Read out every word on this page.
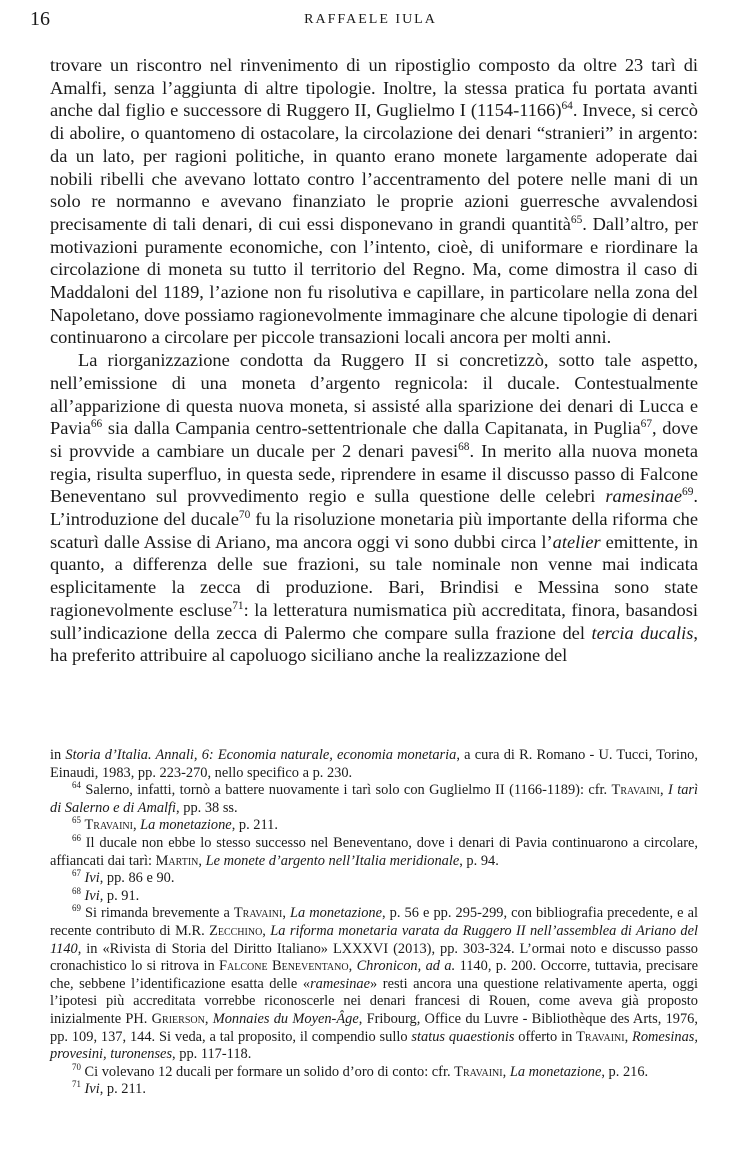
16	RAFFAELE IULA

trovare un riscontro nel rinvenimento di un ripostiglio composto da oltre 23 tarì di Amalfi, senza l’aggiunta di altre tipologie. Inoltre, la stessa pratica fu portata avanti anche dal figlio e successore di Ruggero II, Guglielmo I (1154-1166)$^{64}$. Invece, si cercò di abolire, o quantomeno di ostacolare, la circolazione dei denari “stranieri” in argento: da un lato, per ragioni politiche, in quanto erano monete largamente adoperate dai nobili ribelli che avevano lottato contro l’accentramento del potere nelle mani di un solo re normanno e avevano finanziato le proprie azioni guerresche avvalendosi precisamente di tali denari, di cui essi disponevano in grandi quantità$^{65}$. Dall’altro, per motivazioni puramente economiche, con l’intento, cioè, di uniformare e riordinare la circolazione di moneta su tutto il territorio del Regno. Ma, come dimostra il caso di Maddaloni del 1189, l’azione non fu risolutiva e capillare, in particolare nella zona del Napoletano, dove possiamo ragionevolmente immaginare che alcune tipologie di denari continuarono a circolare per piccole transazioni locali ancora per molti anni.

La riorganizzazione condotta da Ruggero II si concretizzò, sotto tale aspetto, nell’emissione di una moneta d’argento regnicola: il ducale. Contestualmente all’apparizione di questa nuova moneta, si assisté alla sparizione dei denari di Lucca e Pavia$^{66}$ sia dalla Campania centro-settentrionale che dalla Capitanata, in Puglia$^{67}$, dove si provvide a cambiare un ducale per 2 denari pavesi$^{68}$. In merito alla nuova moneta regia, risulta superfluo, in questa sede, riprendere in esame il discusso passo di Falcone Beneventano sul provvedimento regio e sulla questione delle celebri ramesinae$^{69}$. L’introduzione del ducale$^{70}$ fu la risoluzione monetaria più importante della riforma che scaturì dalle Assise di Ariano, ma ancora oggi vi sono dubbi circa l’atelier emittente, in quanto, a differenza delle sue frazioni, su tale nominale non venne mai indicata esplicitamente la zecca di produzione. Bari, Brindisi e Messina sono state ragionevolmente escluse$^{71}$: la letteratura numismatica più accreditata, finora, basandosi sull’indicazione della zecca di Palermo che compare sulla frazione del tercia ducalis, ha preferito attribuire al capoluogo siciliano anche la realizzazione del

in Storia d’Italia. Annali, 6: Economia naturale, economia monetaria, a cura di R. Romano - U. Tucci, Torino, Einaudi, 1983, pp. 223-270, nello specifico a p. 230.

$^{64}$ Salerno, infatti, tornò a battere nuovamente i tarì solo con Guglielmo II (1166-1189): cfr. Travaini, I tarì di Salerno e di Amalfi, pp. 38 ss.

$^{65}$ Travaini, La monetazione, p. 211.

$^{66}$ Il ducale non ebbe lo stesso successo nel Beneventano, dove i denari di Pavia continuarono a circolare, affiancati dai tarì: Martin, Le monete d’argento nell’Italia meridionale, p. 94.

$^{67}$ Ivi, pp. 86 e 90.

$^{68}$ Ivi, p. 91.

$^{69}$ Si rimanda brevemente a Travaini, La monetazione, p. 56 e pp. 295-299, con bibliografia precedente, e al recente contributo di M.R. Zecchino, La riforma monetaria varata da Ruggero II nell’assemblea di Ariano del 1140, in «Rivista di Storia del Diritto Italiano» LXXXVI (2013), pp. 303-324. L’ormai noto e discusso passo cronachistico lo si ritrova in Falcone Beneventano, Chronicon, ad a. 1140, p. 200. Occorre, tuttavia, precisare che, sebbene l’identificazione esatta delle «ramesinae» resti ancora una questione relativamente aperta, oggi l’ipotesi più accreditata vorrebbe riconoscerle nei denari francesi di Rouen, come aveva già proposto inizialmente PH. Grierson, Monnaies du Moyen-Âge, Fribourg, Office du Luvre - Bibliothèque des Arts, 1976, pp. 109, 137, 144. Si veda, a tal proposito, il compendio sullo status quaestionis offerto in Travaini, Romesinas, provesini, turonenses, pp. 117-118.

$^{70}$ Ci volevano 12 ducali per formare un solido d’oro di conto: cfr. Travaini, La monetazione, p. 216.

$^{71}$ Ivi, p. 211.
